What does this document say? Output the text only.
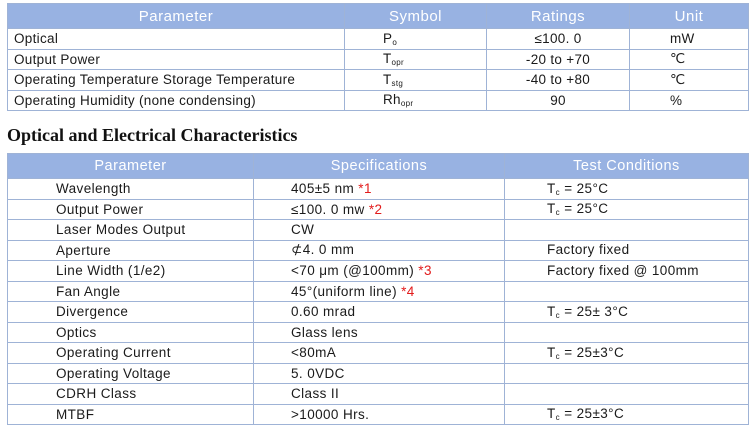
Parameter	Symbol	Ratings	Unit
Optical	$P_o$	≤100. 0	mW
Output Power	$T_{opr}$	-20 to +70	℃
Operating Temperature Storage Temperature	$T_{stg}$	-40 to +80	℃
Operating Humidity (none condensing)	$Rh_{opr}$	90	%
Optical and Electrical Characteristics
Parameter	Specifications	Test Conditions
Wavelength	405±5 nm *1	$T_c = 25^\circ C$
Output Power	≤100. 0 mw *2	$T_c = 25^\circ C$
Laser Modes Output	CW	
Aperture	⊄4. 0 mm	Factory fixed
Line Width (1/e2)	<70 μm (@100mm) *3	Factory fixed @ 100mm
Fan Angle	45°(uniform line) *4	
Divergence	0.60 mrad	$T_c = 25\pm 3^\circ C$
Optics	Glass lens	
Operating Current	<80mA	$T_c = 25\pm 3^\circ C$
Operating Voltage	5. 0VDC	
CDRH Class	Class II	
MTBF	>10000 Hrs.	$T_c = 25\pm 3^\circ C$
